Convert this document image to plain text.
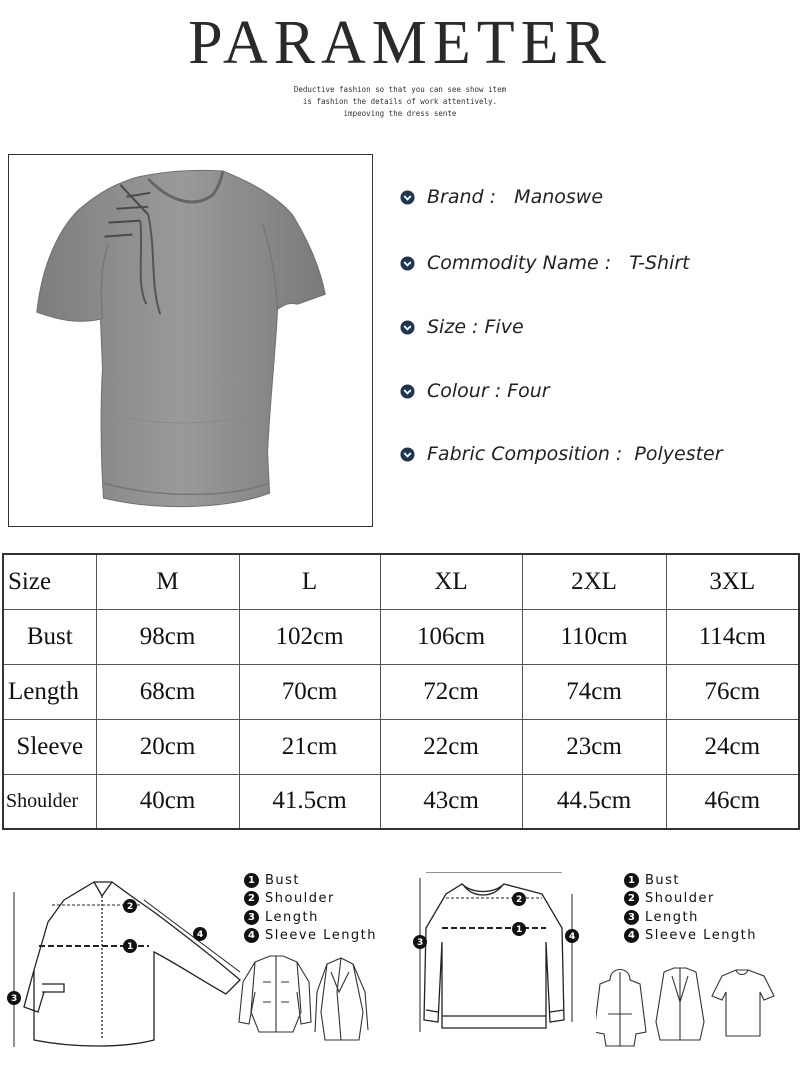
PARAMETER
Deductive fashion so that you can see show item
is fashion the details of work attentively.
impeoving the dress sente
Brand :
Manoswe
Commodity Name :
T-Shirt
Size :
Five
Colour :
Four
Fabric Composition :
Polyester
Size	M	L	XL	2XL	3XL
Bust	98cm	102cm	106cm	110cm	114cm
Length	68cm	70cm	72cm	74cm	76cm
Sleeve	20cm	21cm	22cm	23cm	24cm
Shoulder	40cm	41.5cm	43cm	44.5cm	46cm
1
2
3
4
1 Bust
2 Shoulder
3 Length
4 Sleeve Length	1
2
3
4
1 Bust
2 Shoulder
3 Length
4 Sleeve Length
